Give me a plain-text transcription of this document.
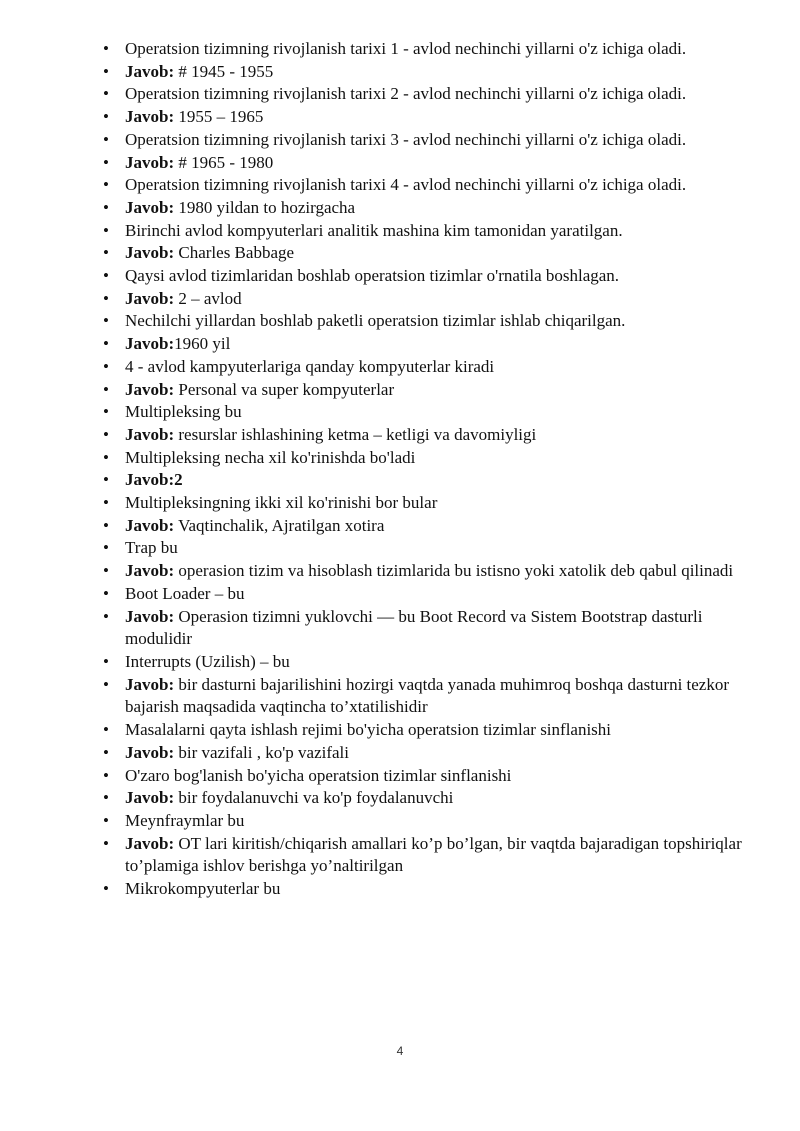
• Operatsion tizimning rivojlanish tarixi 1 - avlod nechinchi yillarni o'z ichiga oladi.
• Javob: # 1945 - 1955
• Operatsion tizimning rivojlanish tarixi 2 - avlod nechinchi yillarni o'z ichiga oladi.
• Javob: 1955 – 1965
• Operatsion tizimning rivojlanish tarixi 3 - avlod nechinchi yillarni o'z ichiga oladi.
• Javob: # 1965 - 1980
• Operatsion tizimning rivojlanish tarixi 4 - avlod nechinchi yillarni o'z ichiga oladi.
• Javob: 1980 yildan to hozirgacha
• Birinchi avlod kompyuterlari analitik mashina kim tamonidan yaratilgan.
• Javob: Charles Babbage
• Qaysi avlod tizimlaridan boshlab operatsion tizimlar o'rnatila boshlagan.
• Javob: 2 – avlod
• Nechilchi yillardan boshlab paketli operatsion tizimlar ishlab chiqarilgan.
• Javob:1960 yil
• 4 - avlod kampyuterlariga qanday kompyuterlar kiradi
• Javob: Personal va super kompyuterlar
• Multipleksing bu
• Javob: resurslar ishlashining ketma – ketligi va davomiyligi
• Multipleksing necha xil ko'rinishda bo'ladi
• Javob:2
• Multipleksingning ikki xil ko'rinishi bor bular
• Javob: Vaqtinchalik, Ajratilgan xotira
• Trap bu
• Javob: operasion tizim va hisoblash tizimlarida bu istisno yoki xatolik deb qabul qilinadi
• Boot Loader – bu
• Javob: Operasion tizimni yuklovchi — bu Boot Record va Sistem Bootstrap dasturli modulidir
• Interrupts (Uzilish) – bu
• Javob: bir dasturni bajarilishini hozirgi vaqtda yanada muhimroq boshqa dasturni tezkor bajarish maqsadida vaqtincha to’xtatilishidir
• Masalalarni qayta ishlash rejimi bo'yicha operatsion tizimlar sinflanishi
• Javob: bir vazifali , ko'p vazifali
• O'zaro bog'lanish bo'yicha operatsion tizimlar sinflanishi
• Javob: bir foydalanuvchi va ko'p foydalanuvchi
• Meynfraymlar bu
• Javob: OT lari kiritish/chiqarish amallari ko’p bo’lgan, bir vaqtda bajaradigan topshiriqlar to’plamiga ishlov berishga yo’naltirilgan
• Mikrokompyuterlar bu
4
